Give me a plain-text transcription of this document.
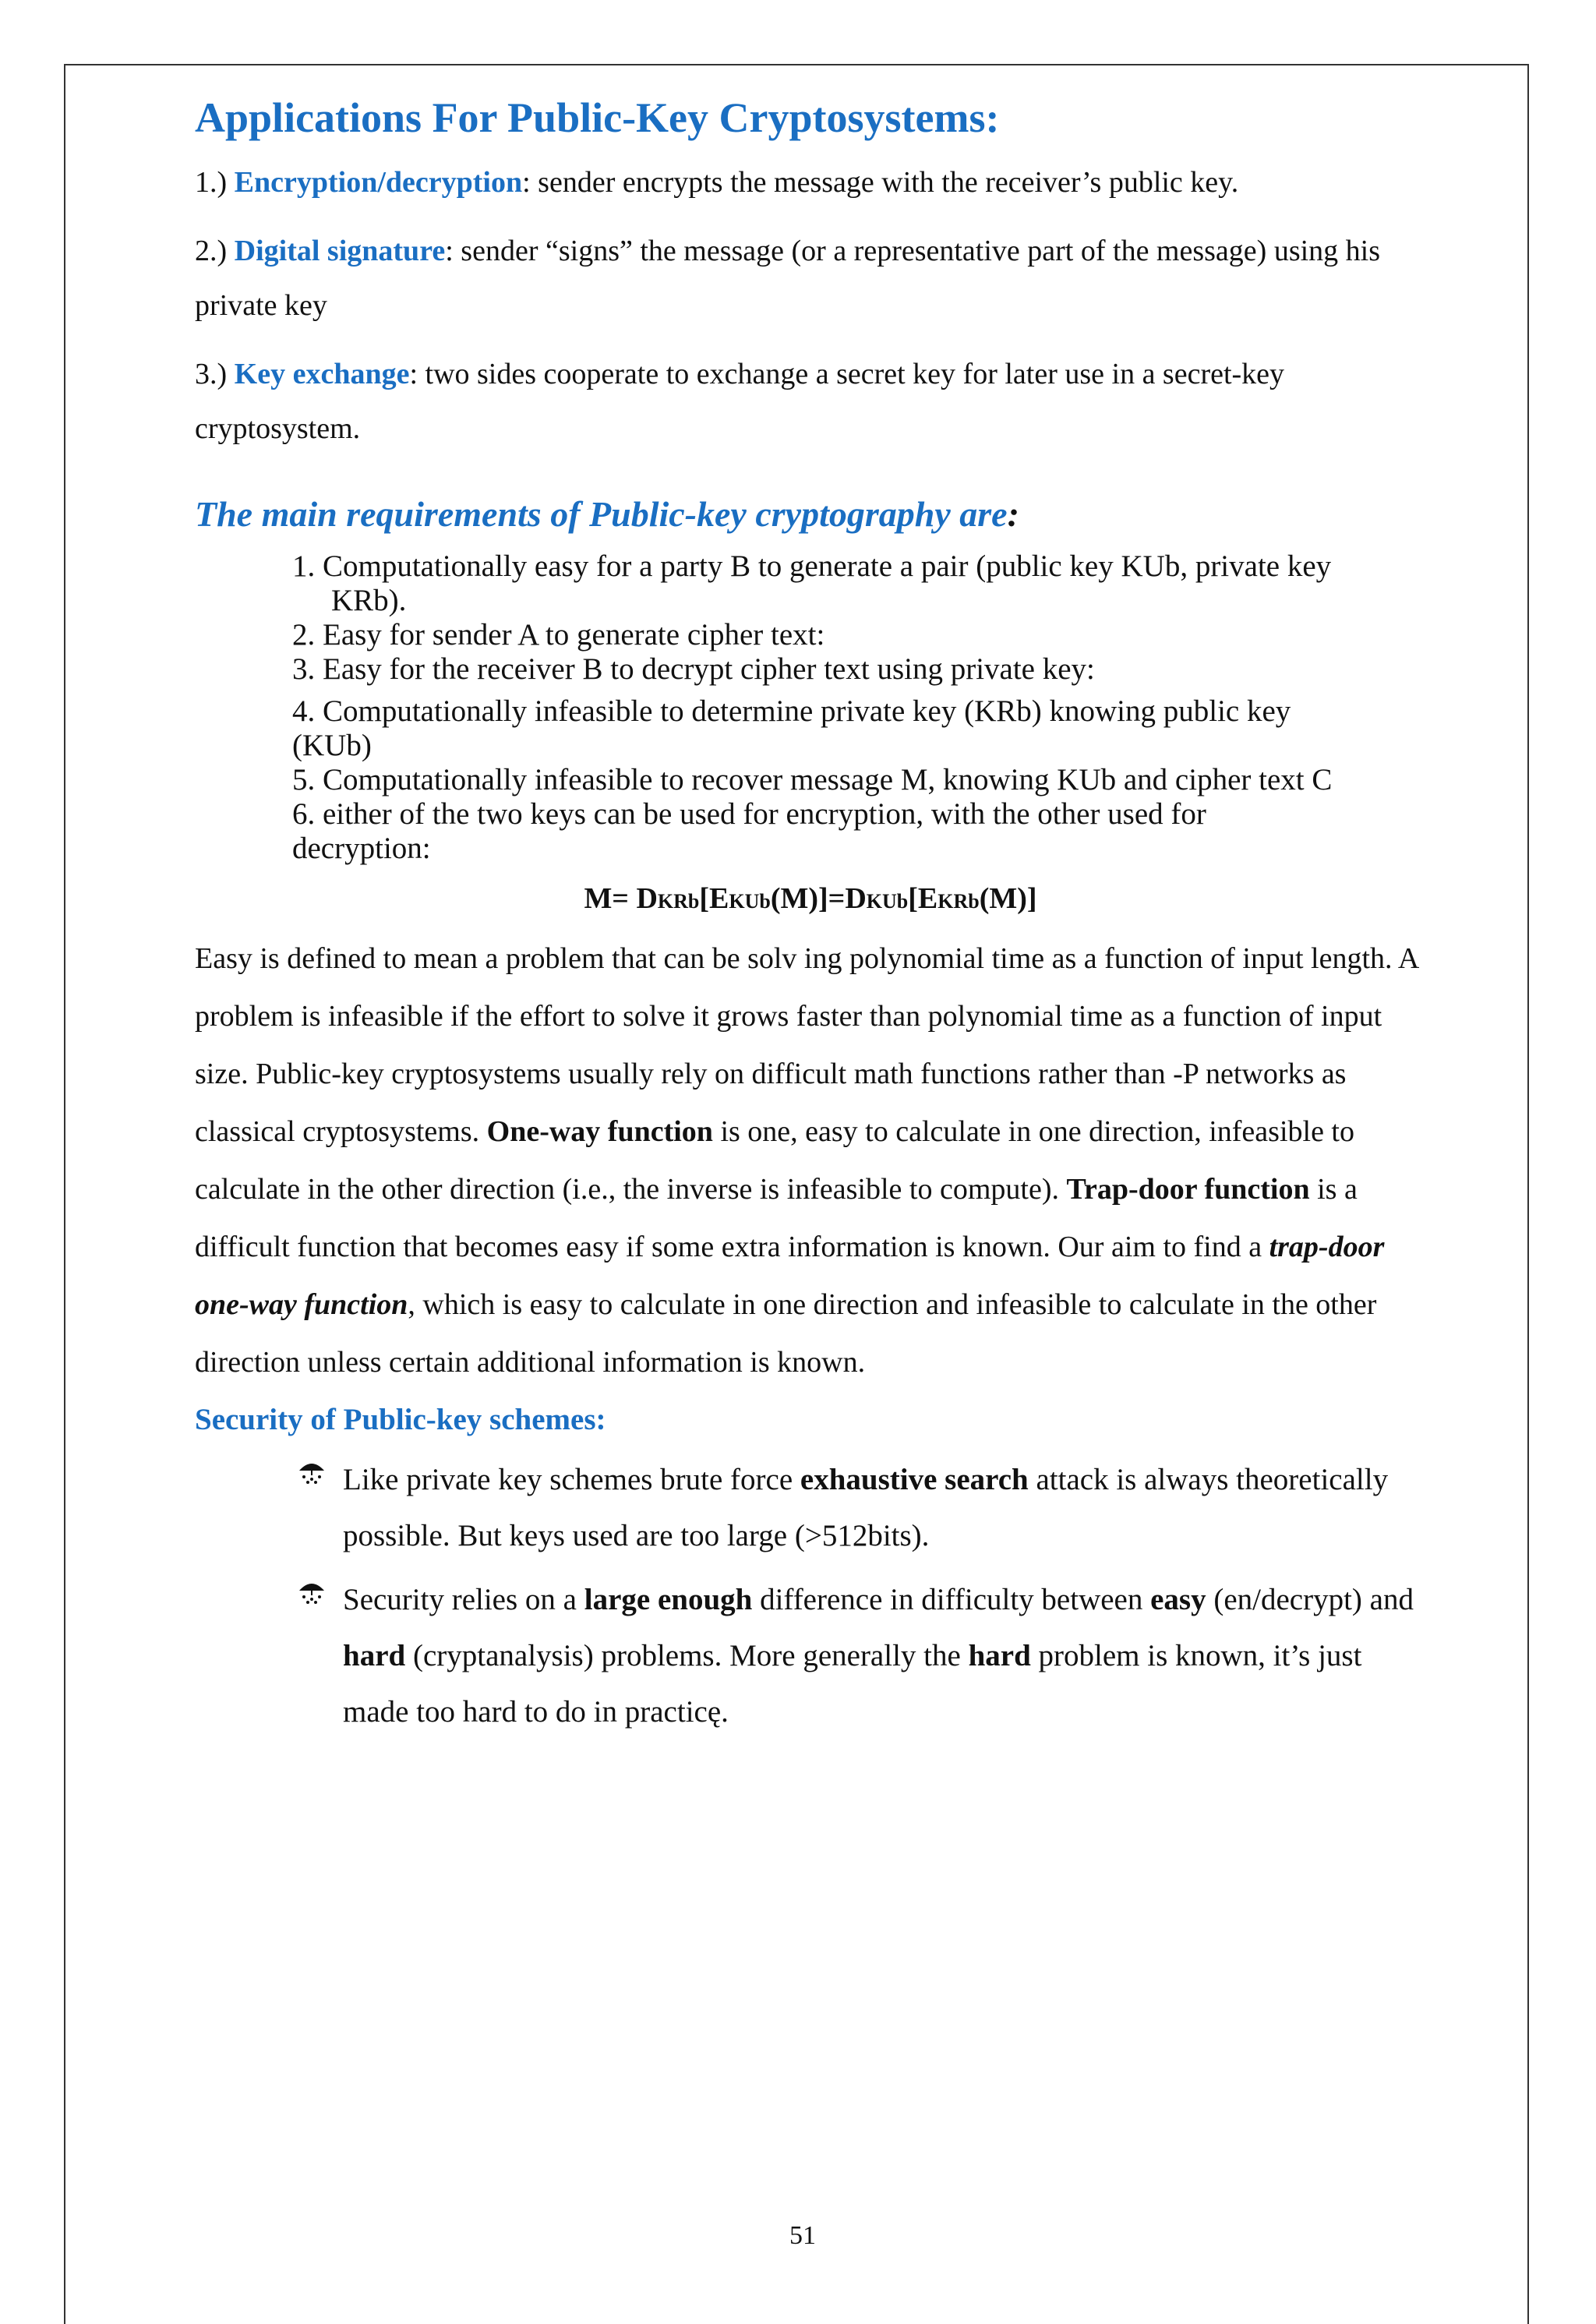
Applications For Public-Key Cryptosystems:

1.) Encryption/decryption: sender encrypts the message with the receiver’s public key.

2.) Digital signature: sender “signs” the message (or a representative part of the message) using his private key

3.) Key exchange: two sides cooperate to exchange a secret key for later use in a secret-key cryptosystem.

The main requirements of Public-key cryptography are:
1. Computationally easy for a party B to generate a pair (public key KUb, private key
KRb).
2. Easy for sender A to generate cipher text:
3. Easy for the receiver B to decrypt cipher text using private key:
4. Computationally infeasible to determine private key (KRb) knowing public key
(KUb)
5. Computationally infeasible to recover message M, knowing KUb and cipher text C
6. either of the two keys can be used for encryption, with the other used for
decryption:
M= DKRb[EKUb(M)]=DKUb[EKRb(M)]

Easy is defined to mean a problem that can be solv ing polynomial time as a function of input length. A problem is infeasible if the effort to solve it grows faster than polynomial time as a function of input size. Public-key cryptosystems usually rely on difficult math functions rather than -P networks as classical cryptosystems. One-way function is one, easy to calculate in one direction, infeasible to calculate in the other direction (i.e., the inverse is infeasible to compute). Trap-door function is a difficult function that becomes easy if some extra information is known. Our aim to find a trap-door one-way function, which is easy to calculate in one direction and infeasible to calculate in the other direction unless certain additional information is known.

Security of Public-key schemes:
Like private key schemes brute force exhaustive search attack is always theoretically possible. But keys used are too large (>512bits).
Security relies on a large enough difference in difficulty between easy (en/decrypt) and hard (cryptanalysis) problems. More generally the hard problem is known, it’s just made too hard to do in practicę.
51
